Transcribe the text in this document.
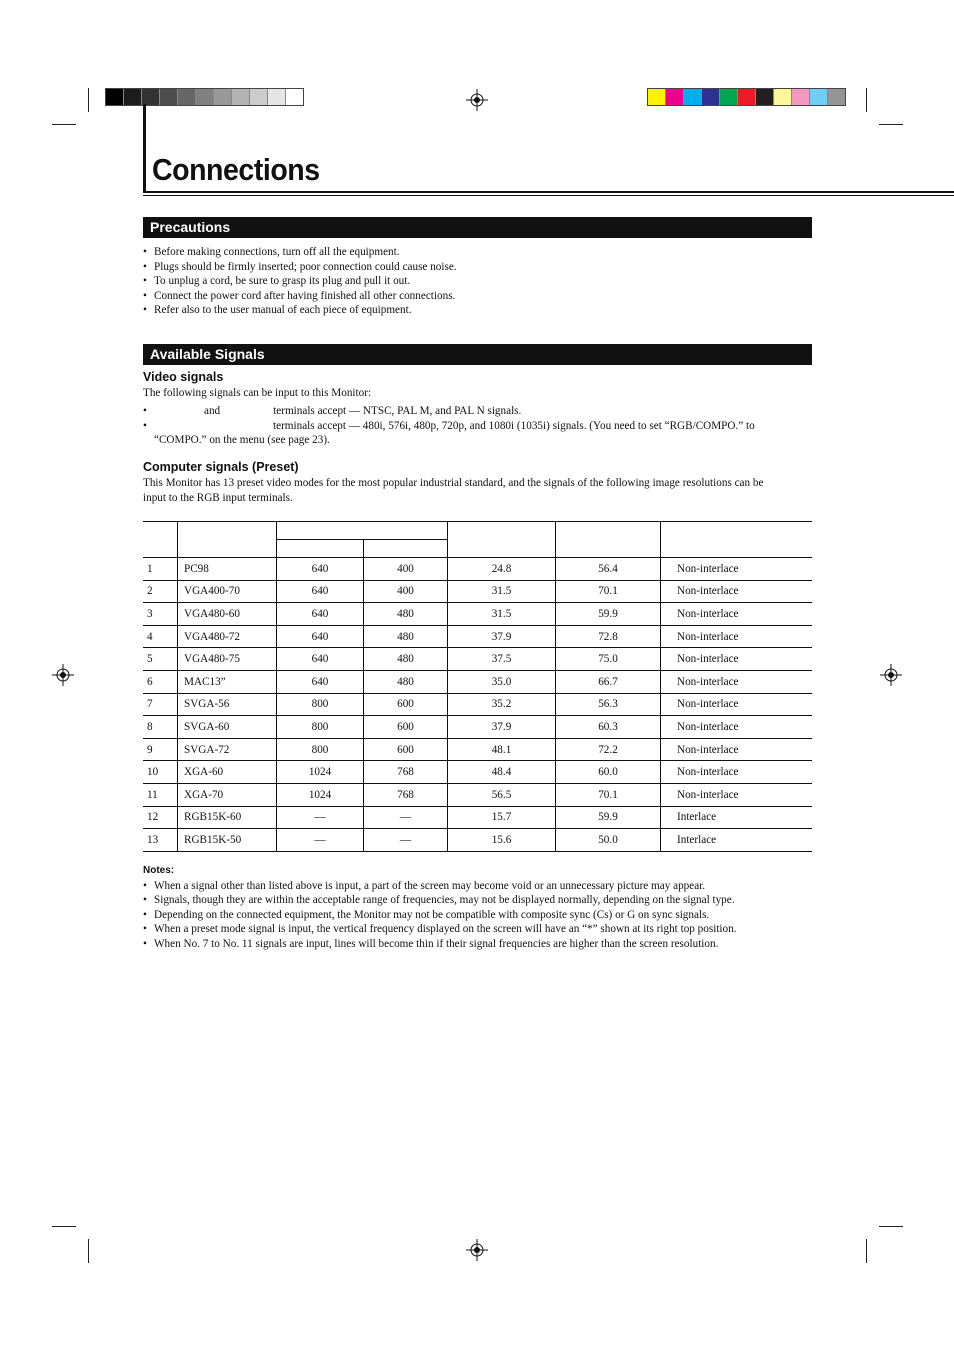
Connections
Precautions
• Before making connections, turn off all the equipment.
• Plugs should be firmly inserted; poor connection could cause noise.
• To unplug a cord, be sure to grasp its plug and pull it out.
• Connect the power cord after having finished all other connections.
• Refer also to the user manual of each piece of equipment.
Available Signals
Video signals

The following signals can be input to this Monitor:

• and	terminals accept — NTSC, PAL M, and PAL N signals.
• terminals accept — 480i, 576i, 480p, 720p, and 1080i (1035i) signals. (You need to set “RGB/COMPO.” to “COMPO.” on the menu (see page 23).
Computer signals (Preset)

This Monitor has 13 preset video modes for the most popular industrial standard, and the signals of the following image resolutions can be input to the RGB input terminals.

1	PC98	640	400	24.8	56.4	Non-interlace
2	VGA400-70	640	400	31.5	70.1	Non-interlace
3	VGA480-60	640	480	31.5	59.9	Non-interlace
4	VGA480-72	640	480	37.9	72.8	Non-interlace
5	VGA480-75	640	480	37.5	75.0	Non-interlace
6	MAC13”	640	480	35.0	66.7	Non-interlace
7	SVGA-56	800	600	35.2	56.3	Non-interlace
8	SVGA-60	800	600	37.9	60.3	Non-interlace
9	SVGA-72	800	600	48.1	72.2	Non-interlace
10	XGA-60	1024	768	48.4	60.0	Non-interlace
11	XGA-70	1024	768	56.5	70.1	Non-interlace
12	RGB15K-60	—	—	15.7	59.9	Interlace
13	RGB15K-50	—	—	15.6	50.0	Interlace
Notes:
• When a signal other than listed above is input, a part of the screen may become void or an unnecessary picture may appear.
• Signals, though they are within the acceptable range of frequencies, may not be displayed normally, depending on the signal type.
• Depending on the connected equipment, the Monitor may not be compatible with composite sync (Cs) or G on sync signals.
• When a preset mode signal is input, the vertical frequency displayed on the screen will have an “*” shown at its right top position.
• When No. 7 to No. 11 signals are input, lines will become thin if their signal frequencies are higher than the screen resolution.
